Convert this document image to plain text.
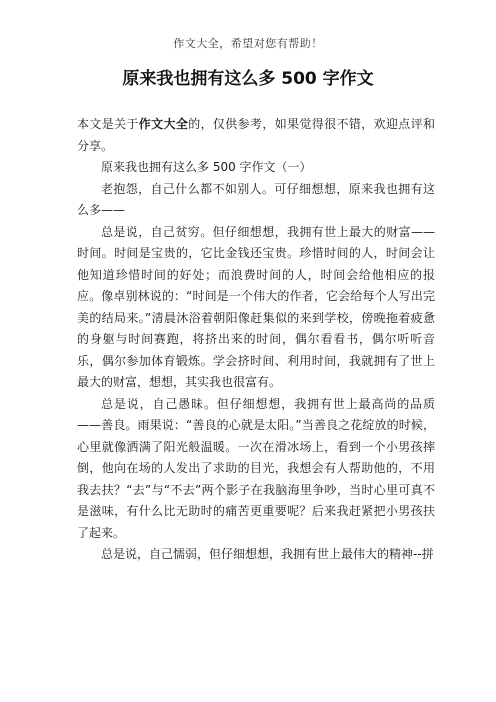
作文大全，希望对您有帮助！
原来我也拥有这么多 500 字作文

本文是关于作文大全的，仅供参考，如果觉得很不错，欢迎点评和分享。

原来我也拥有这么多 500 字作文（一）

老抱怨，自己什么都不如别人。可仔细想想，原来我也拥有这么多——

总是说，自己贫穷。但仔细想想，我拥有世上最大的财富——时间。时间是宝贵的，它比金钱还宝贵。珍惜时间的人，时间会让他知道珍惜时间的好处；而浪费时间的人，时间会给他相应的报应。像卓别林说的：“时间是一个伟大的作者，它会给每个人写出完美的结局来。”清晨沐浴着朝阳像赶集似的来到学校，傍晚拖着疲惫的身躯与时间赛跑，将挤出来的时间，偶尔看看书，偶尔听听音乐，偶尔参加体育锻炼。学会挤时间、利用时间，我就拥有了世上最大的财富，想想，其实我也很富有。

总是说，自己愚昧。但仔细想想，我拥有世上最高尚的品质——善良。雨果说：“善良的心就是太阳。”当善良之花绽放的时候，心里就像洒满了阳光般温暖。一次在滑冰场上，看到一个小男孩摔倒，他向在场的人发出了求助的目光，我想会有人帮助他的，不用我去扶？“去”与“不去”两个影子在我脑海里争吵，当时心里可真不是滋味，有什么比无助时的痛苦更重要呢？后来我赶紧把小男孩扶了起来。

总是说，自己懦弱，但仔细想想，我拥有世上最伟大的精神--拼
